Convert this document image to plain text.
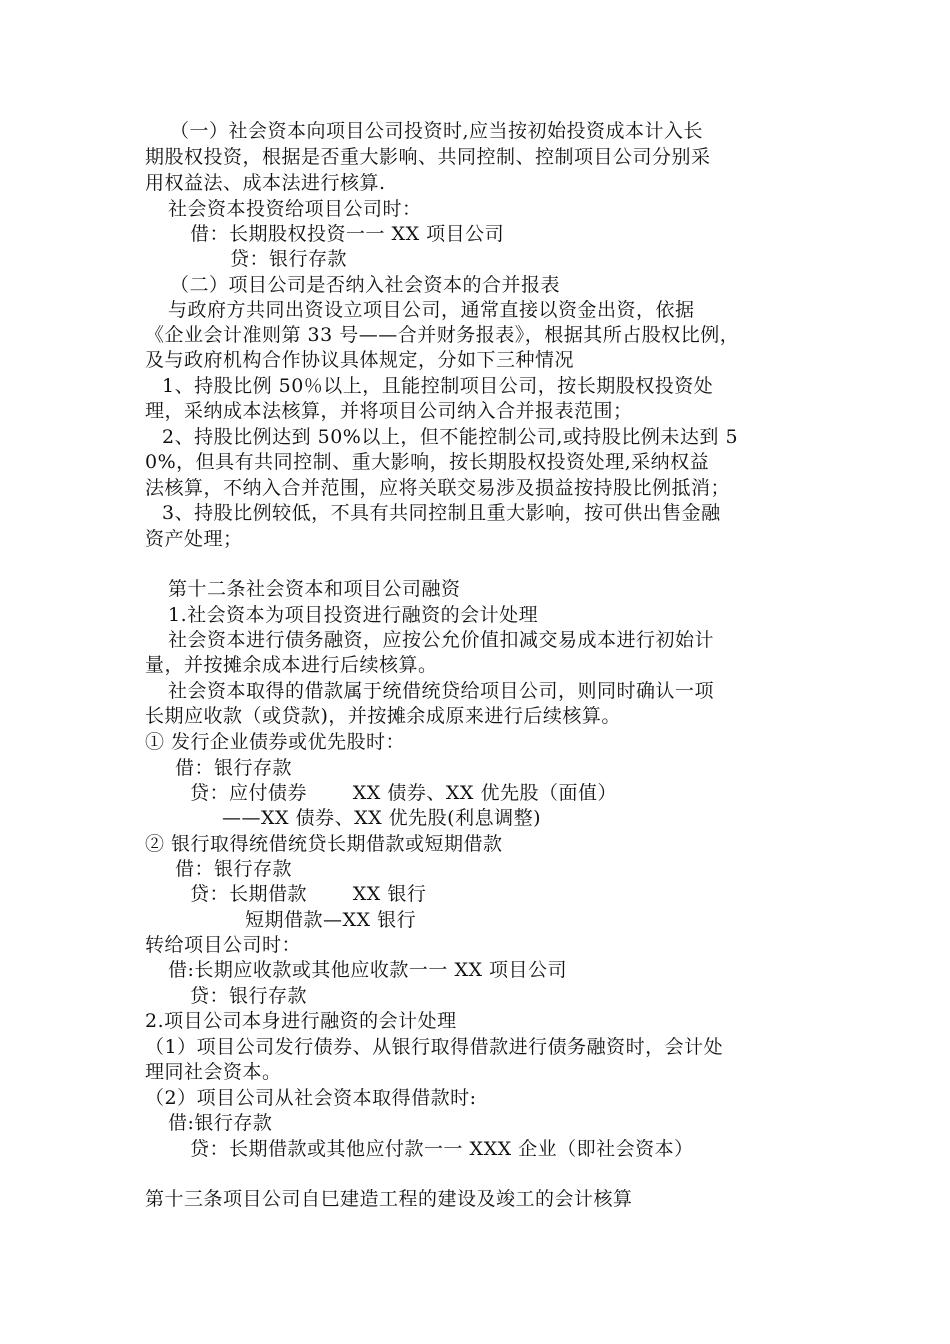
（一）社会资本向项目公司投资时,应当按初始投资成本计入长
期股权投资，根据是否重大影响、共同控制、控制项目公司分别采
用权益法、成本法进行核算.
社会资本投资给项目公司时：
借：长期股权投资一一 XX 项目公司
贷：银行存款
（二）项目公司是否纳入社会资本的合并报表
与政府方共同出资设立项目公司，通常直接以资金出资，依据
《企业会计准则第 33 号——合并财务报表》，根据其所占股权比例，
及与政府机构合作协议具体规定，分如下三种情况
1、持股比例 50％以上，且能控制项目公司，按长期股权投资处
理，采纳成本法核算，并将项目公司纳入合并报表范围；
2、持股比例达到 50%以上，但不能控制公司,或持股比例未达到 5
0%，但具有共同控制、重大影响，按长期股权投资处理,采纳权益
法核算，不纳入合并范围，应将关联交易涉及损益按持股比例抵消；
3、持股比例较低，不具有共同控制且重大影响，按可供出售金融
资产处理；
第十二条社会资本和项目公司融资
1.社会资本为项目投资进行融资的会计处理
社会资本进行债务融资，应按公允价值扣减交易成本进行初始计
量，并按摊余成本进行后续核算。
社会资本取得的借款属于统借统贷给项目公司，则同时确认一项
长期应收款（或贷款)，并按摊余成原来进行后续核算。
① 发行企业债券或优先股时：
借：银行存款
贷：应付债券       XX 债券、XX 优先股（面值）
——XX 债券、XX 优先股(利息调整)
② 银行取得统借统贷长期借款或短期借款
借：银行存款
贷：长期借款       XX 银行
短期借款—XX 银行
转给项目公司时：
借:长期应收款或其他应收款一一 XX 项目公司
贷：银行存款
2.项目公司本身进行融资的会计处理
（1）项目公司发行债券、从银行取得借款进行债务融资时，会计处
理同社会资本。
（2）项目公司从社会资本取得借款时:
借:银行存款
贷：长期借款或其他应付款一一 XXX 企业（即社会资本）
第十三条项目公司自巳建造工程的建设及竣工的会计核算
